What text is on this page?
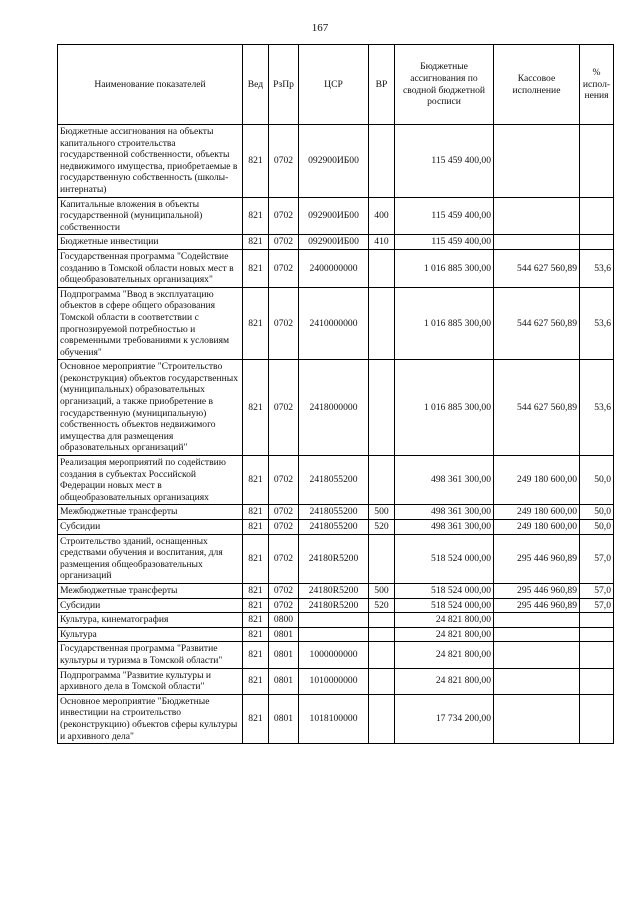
167
Наименование показателей	Вед	РзПр	ЦСР	ВР	Бюджетные ассигнования по сводной бюджетной росписи	Кассовое исполнение	% испол-нения
Бюджетные ассигнования на объекты капитального строительства государственной собственности, объекты недвижимого имущества, приобретаемые в государственную собственность (школы-интернаты)	821	0702	092900ИБ00		115 459 400,00		
Капитальные вложения в объекты государственной (муниципальной) собственности	821	0702	092900ИБ00	400	115 459 400,00		
Бюджетные инвестиции	821	0702	092900ИБ00	410	115 459 400,00		
Государственная программа "Содействие созданию в Томской области новых мест в общеобразовательных организациях"	821	0702	2400000000		1 016 885 300,00	544 627 560,89	53,6
Подпрограмма "Ввод в эксплуатацию объектов в сфере общего образования Томской области в соответствии с прогнозируемой потребностью и современными требованиями к условиям обучения"	821	0702	2410000000		1 016 885 300,00	544 627 560,89	53,6
Основное мероприятие "Строительство (реконструкция) объектов государственных (муниципальных) образовательных организаций, а также приобретение в государственную (муниципальную) собственность объектов недвижимого имущества для размещения образовательных организаций"	821	0702	2418000000		1 016 885 300,00	544 627 560,89	53,6
Реализация мероприятий по содействию создания в субъектах Российской Федерации новых мест в общеобразовательных организациях	821	0702	2418055200		498 361 300,00	249 180 600,00	50,0
Межбюджетные трансферты	821	0702	2418055200	500	498 361 300,00	249 180 600,00	50,0
Субсидии	821	0702	2418055200	520	498 361 300,00	249 180 600,00	50,0
Строительство зданий, оснащенных средствами обучения и воспитания, для размещения общеобразовательных организаций	821	0702	24180R5200		518 524 000,00	295 446 960,89	57,0
Межбюджетные трансферты	821	0702	24180R5200	500	518 524 000,00	295 446 960,89	57,0
Субсидии	821	0702	24180R5200	520	518 524 000,00	295 446 960,89	57,0
Культура, кинематография	821	0800			24 821 800,00		
Культура	821	0801			24 821 800,00		
Государственная программа "Развитие культуры и туризма в Томской области"	821	0801	1000000000		24 821 800,00		
Подпрограмма "Развитие культуры и архивного дела в Томской области"	821	0801	1010000000		24 821 800,00		
Основное мероприятие "Бюджетные инвестиции на строительство (реконструкцию) объектов сферы культуры и архивного дела"	821	0801	1018100000		17 734 200,00		
